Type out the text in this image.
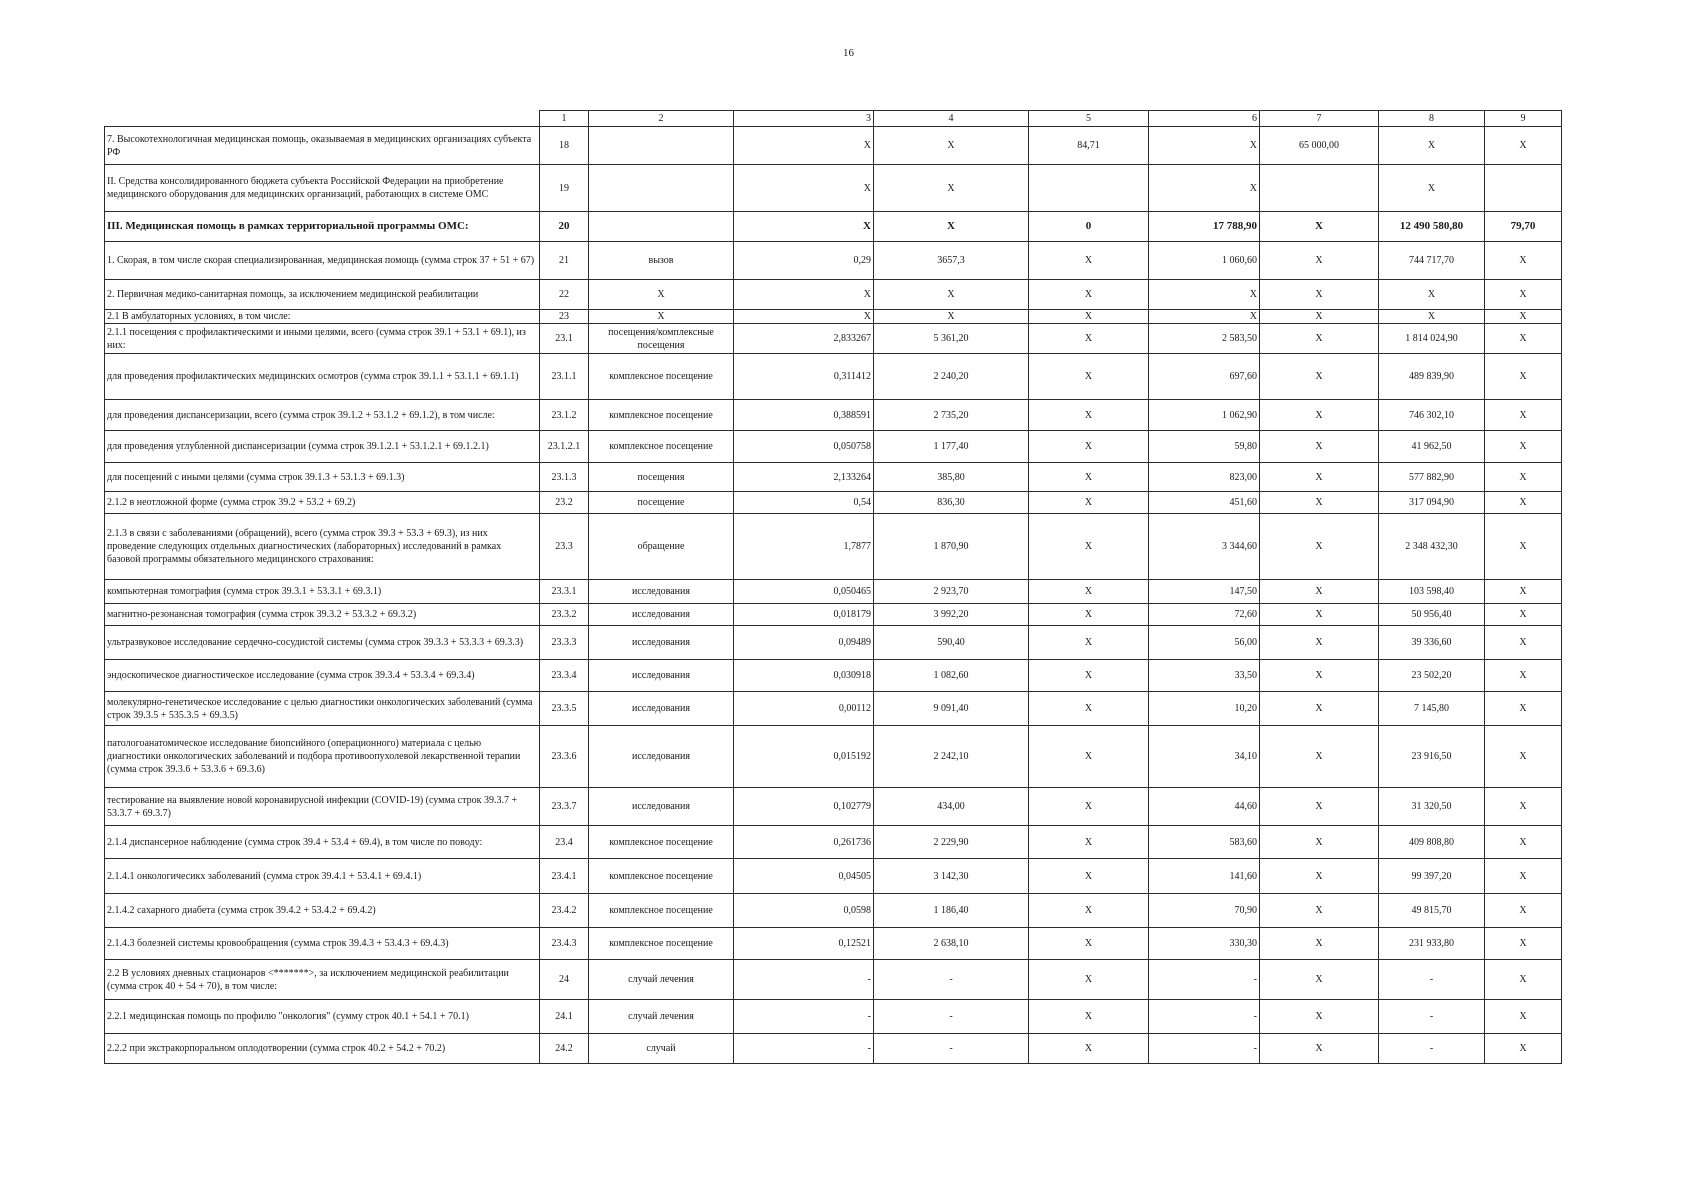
16
	1	2	3	4	5	6	7	8	9
7. Высокотехнологичная медицинская помощь, оказываемая в медицинских организациях субъекта РФ	18		X	X	84,71	X	65 000,00	X	X
II. Средства консолидированного бюджета субъекта Российской Федерации на приобретение медицинского оборудования для медицинских организаций, работающих в системе ОМС	19		X	X		X		X	
III. Медицинская помощь в рамках территориальной программы ОМС:	20		X	X	0	17 788,90	X	12 490 580,80	79,70
1. Скорая, в том числе скорая специализированная, медицинская помощь (сумма строк 37 + 51 + 67)	21	вызов	0,29	3657,3	X	1 060,60	X	744 717,70	X
2. Первичная медико-санитарная помощь, за исключением медицинской реабилитации	22	X	X	X	X	X	X	X	X
2.1 В амбулаторных условиях, в том числе:	23	X	X	X	X	X	X	X	X
2.1.1 посещения с профилактическими и иными целями, всего (сумма строк 39.1 + 53.1 + 69.1), из них:	23.1	посещения/комплексные посещения	2,833267	5 361,20	X	2 583,50	X	1 814 024,90	X
для проведения профилактических медицинских осмотров (сумма строк 39.1.1 + 53.1.1 + 69.1.1)	23.1.1	комплексное посещение	0,311412	2 240,20	X	697,60	X	489 839,90	X
для проведения диспансеризации, всего (сумма строк 39.1.2 + 53.1.2 + 69.1.2), в том числе:	23.1.2	комплексное посещение	0,388591	2 735,20	X	1 062,90	X	746 302,10	X
для проведения углубленной диспансеризации (сумма строк 39.1.2.1 + 53.1.2.1 + 69.1.2.1)	23.1.2.1	комплексное посещение	0,050758	1 177,40	X	59,80	X	41 962,50	X
для посещений с иными целями (сумма строк 39.1.3 + 53.1.3 + 69.1.3)	23.1.3	посещения	2,133264	385,80	X	823,00	X	577 882,90	X
2.1.2 в неотложной форме (сумма строк 39.2 + 53.2 + 69.2)	23.2	посещение	0,54	836,30	X	451,60	X	317 094,90	X
2.1.3 в связи с заболеваниями (обращений), всего (сумма строк 39.3 + 53.3 + 69.3), из них проведение следующих отдельных диагностических (лабораторных) исследований в рамках базовой программы обязательного медицинского страхования:	23.3	обращение	1,7877	1 870,90	X	3 344,60	X	2 348 432,30	X
компьютерная томография (сумма строк 39.3.1 + 53.3.1 + 69.3.1)	23.3.1	исследования	0,050465	2 923,70	X	147,50	X	103 598,40	X
магнитно-резонансная томография (сумма строк 39.3.2 + 53.3.2 + 69.3.2)	23.3.2	исследования	0,018179	3 992,20	X	72,60	X	50 956,40	X
ультразвуковое исследование сердечно-сосудистой системы (сумма строк 39.3.3 + 53.3.3 + 69.3.3)	23.3.3	исследования	0,09489	590,40	X	56,00	X	39 336,60	X
эндоскопическое диагностическое исследование (сумма строк 39.3.4 + 53.3.4 + 69.3.4)	23.3.4	исследования	0,030918	1 082,60	X	33,50	X	23 502,20	X
молекулярно-генетическое исследование с целью диагностики онкологических заболеваний (сумма строк 39.3.5 + 535.3.5 + 69.3.5)	23.3.5	исследования	0,00112	9 091,40	X	10,20	X	7 145,80	X
патологоанатомическое исследование биопсийного (операционного) материала с целью диагностики онкологических заболеваний и подбора противоопухолевой лекарственной терапии (сумма строк 39.3.6 + 53.3.6 + 69.3.6)	23.3.6	исследования	0,015192	2 242,10	X	34,10	X	23 916,50	X
тестирование на выявление новой коронавирусной инфекции (COVID-19) (сумма строк 39.3.7 + 53.3.7 + 69.3.7)	23.3.7	исследования	0,102779	434,00	X	44,60	X	31 320,50	X
2.1.4 диспансерное наблюдение (сумма строк 39.4 + 53.4 + 69.4), в том числе по поводу:	23.4	комплексное посещение	0,261736	2 229,90	X	583,60	X	409 808,80	X
2.1.4.1 онкологичесикх заболеваний (сумма строк 39.4.1 + 53.4.1 + 69.4.1)	23.4.1	комплексное посещение	0,04505	3 142,30	X	141,60	X	99 397,20	X
2.1.4.2 сахарного диабета (сумма строк 39.4.2 + 53.4.2 + 69.4.2)	23.4.2	комплексное посещение	0,0598	1 186,40	X	70,90	X	49 815,70	X
2.1.4.3 болезней системы кровообращения (сумма строк 39.4.3 + 53.4.3 + 69.4.3)	23.4.3	комплексное посещение	0,12521	2 638,10	X	330,30	X	231 933,80	X
2.2 В условиях дневных стационаров <*******>, за исключением медицинской реабилитации (сумма строк 40 + 54 + 70), в том числе:	24	случай лечения	-	-	X	-	X	-	X
2.2.1 медицинская помощь по профилю "онкология" (сумму строк 40.1 + 54.1 + 70.1)	24.1	случай лечения	-	-	X	-	X	-	X
2.2.2 при экстракорпоральном оплодотворении (сумма строк 40.2 + 54.2 + 70.2)	24.2	случай	-	-	X	-	X	-	X
